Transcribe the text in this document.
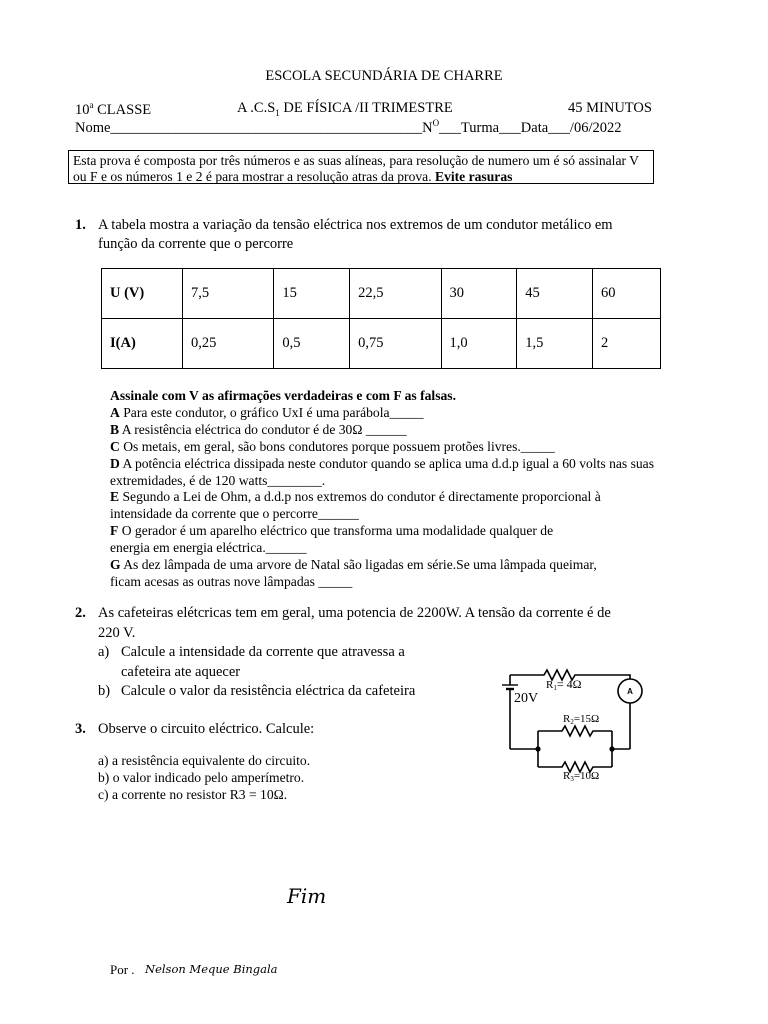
ESCOLA SECUNDÁRIA DE CHARRE
10$^a$ CLASSE	A $.C.S_1$ DE FÍSICA /II TRIMESTRE	45 MINUTOS
$Nome\_\_\_\_\_\_\_\_\_\_\_\_\_\_\_\_\_\_\_\_\_\_\_\_\_\_\_\_\_\_\_\_\_\_\_\_\_\_\_\_\_\_\_N^O\_\_\_Turma\_\_\_Data\_\_\_/06/2022$
Esta prova é composta por três números e as suas alíneas, para resolução de numero um é só assinalar V ou F e os números 1 e 2 é para mostrar a resolução atras da prova. Evite rasuras
1. A tabela mostra a variação da tensão eléctrica nos extremos de um condutor metálico em
função da corrente que o percorre
U (V)	7,5	15	22,5	30	45	60
I(A)	0,25	0,5	0,75	1,0	1,5	2
Assinale com V as afirmações verdadeiras e com F as falsas.
A Para este condutor, o gráfico UxI é uma parábola_____
B A resistência eléctrica do condutor é de 30Ω ______
C Os metais, em geral, são bons condutores porque possuem protões livres._____
D A potência eléctrica dissipada neste condutor quando se aplica uma d.d.p igual a 60 volts nas suas extremidades, é de 120 watts________.
E Segundo a Lei de Ohm, a d.d.p nos extremos do condutor é directamente proporcional à intensidade da corrente que o percorre______
F O gerador é um aparelho eléctrico que transforma uma modalidade qualquer de energia em energia eléctrica.______
G As dez lâmpada de uma arvore de Natal são ligadas em série.Se uma lâmpada queimar, ficam acesas as outras nove lâmpadas _____
2. As cafeteiras elétcricas tem em geral, uma potencia de 2200W. A tensão da corrente é de
220 V.
a) Calcule a intensidade da corrente que atravessa a
cafeteira ate aquecer
b) Calcule o valor da resistência eléctrica da cafeteira
3. Observe o circuito eléctrico. Calcule:
a) a resistência equivalente do circuito.
b) o valor indicado pelo amperímetro.
c) a corrente no resistor R3 = 10Ω.
A
20V
R1= 4Ω
R2=15Ω
R3=10Ω
Fim
Por . Nelson Meque Bingala
